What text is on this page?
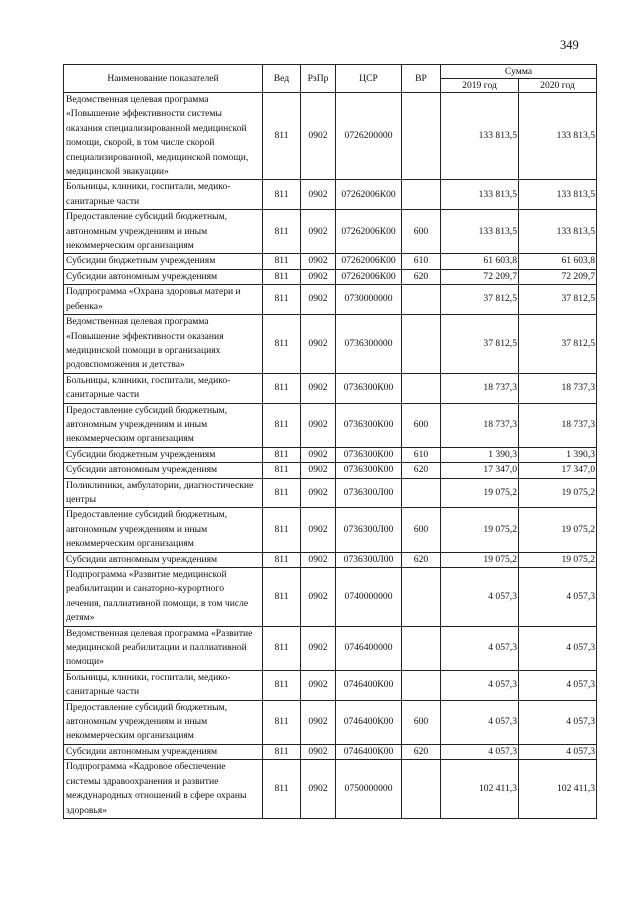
349
Наименование показателей	Вед	РзПр	ЦСР	ВР	Сумма	
					2019 год	2020 год
Ведомственная целевая программа «Повышение эффективности системы оказания специализированной медицинской помощи, скорой, в том числе скорой специализированной, медицинской помощи, медицинской эвакуации»	811	0902	0726200000		133 813,5	133 813,5
Больницы, клиники, госпитали, медико-санитарные части	811	0902	07262006К00		133 813,5	133 813,5
Предоставление субсидий бюджетным, автономным учреждениям и иным некоммерческим организациям	811	0902	07262006К00	600	133 813,5	133 813,5
Субсидии бюджетным учреждениям	811	0902	07262006К00	610	61 603,8	61 603,8
Субсидии автономным учреждениям	811	0902	07262006К00	620	72 209,7	72 209,7
Подпрограмма «Охрана здоровья матери и ребенка»	811	0902	0730000000		37 812,5	37 812,5
Ведомственная целевая программа «Повышение эффективности оказания медицинской помощи в организациях родовспоможения и детства»	811	0902	0736300000		37 812,5	37 812,5
Больницы, клиники, госпитали, медико-санитарные части	811	0902	0736300К00		18 737,3	18 737,3
Предоставление субсидий бюджетным, автономным учреждениям и иным некоммерческим организациям	811	0902	0736300К00	600	18 737,3	18 737,3
Субсидии бюджетным учреждениям	811	0902	0736300К00	610	1 390,3	1 390,3
Субсидии автономным учреждениям	811	0902	0736300К00	620	17 347,0	17 347,0
Поликлиники, амбулатории, диагностические центры	811	0902	0736300Л00		19 075,2	19 075,2
Предоставление субсидий бюджетным, автономным учреждениям и иным некоммерческим организациям	811	0902	0736300Л00	600	19 075,2	19 075,2
Субсидии автономным учреждениям	811	0902	0736300Л00	620	19 075,2	19 075,2
Подпрограмма «Развитие медицинской реабилитации и санаторно-курортного лечения, паллиативной помощи, в том числе детям»	811	0902	0740000000		4 057,3	4 057,3
Ведомственная целевая программа «Развитие медицинской реабилитации и паллиативной помощи»	811	0902	0746400000		4 057,3	4 057,3
Больницы, клиники, госпитали, медико-санитарные части	811	0902	0746400К00		4 057,3	4 057,3
Предоставление субсидий бюджетным, автономным учреждениям и иным некоммерческим организациям	811	0902	0746400К00	600	4 057,3	4 057,3
Субсидии автономным учреждениям	811	0902	0746400К00	620	4 057,3	4 057,3
Подпрограмма «Кадровое обеспечение системы здравоохранения и развитие международных отношений в сфере охраны здоровья»	811	0902	0750000000		102 411,3	102 411,3
